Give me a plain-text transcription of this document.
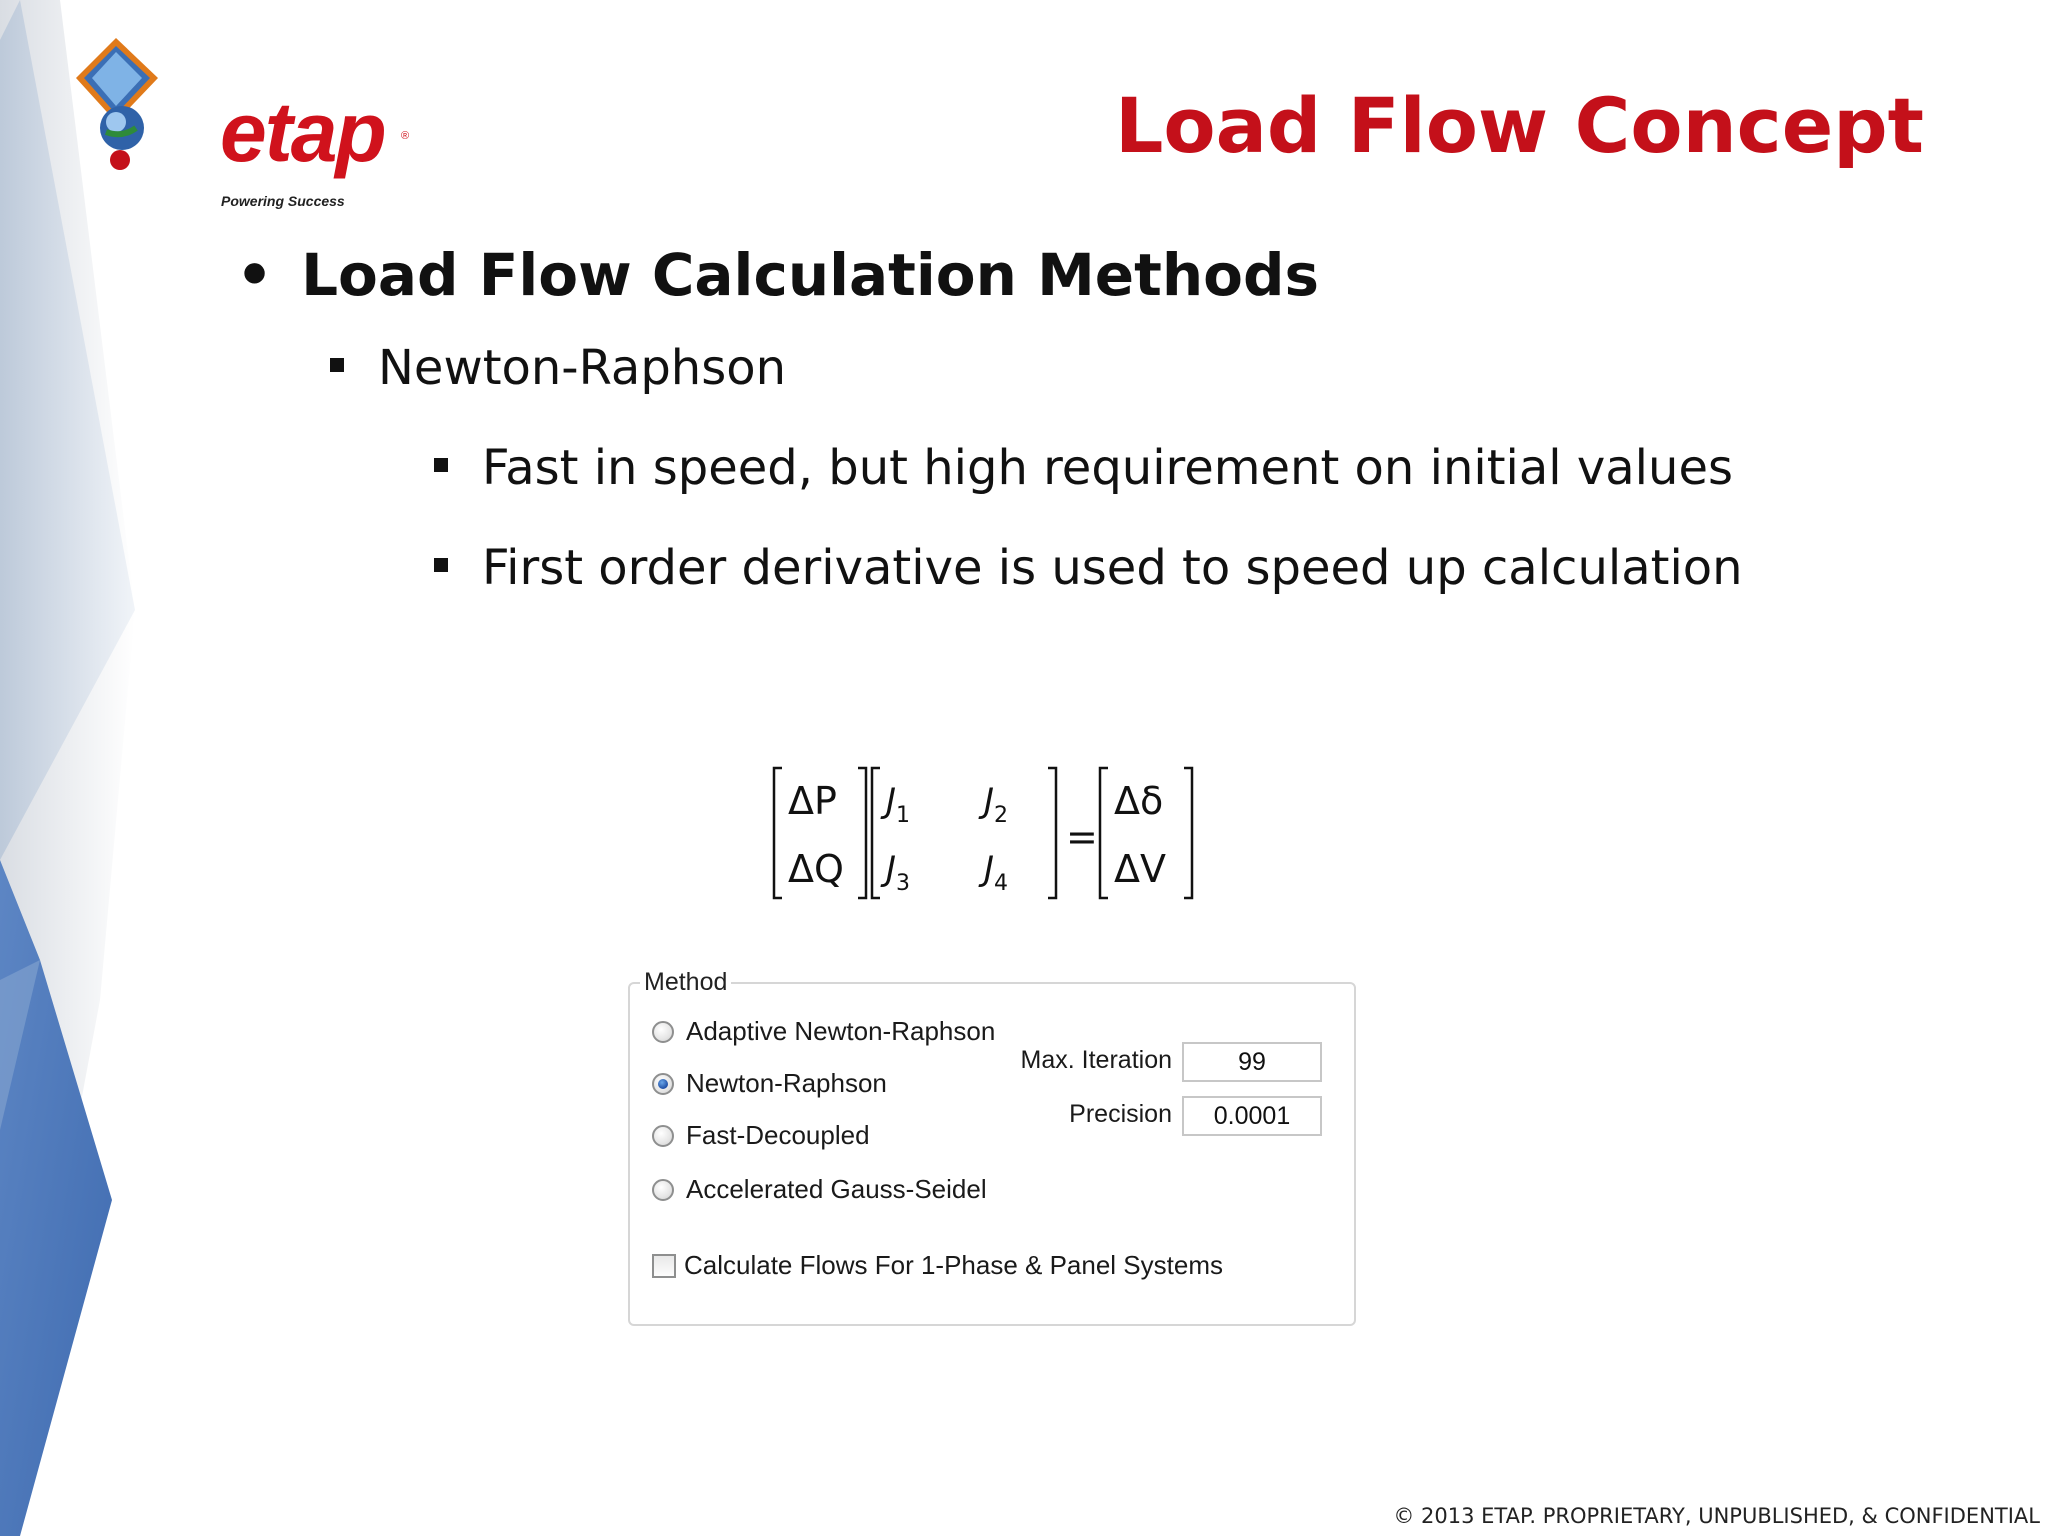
etap ®
Powering Success
Load Flow Concept
• Load Flow Calculation Methods
Newton-Raphson
Fast in speed, but high requirement on initial values
First order derivative is used to speed up calculation
ΔP
ΔQ
=
Δδ
ΔV
$J_1$ $J_2$
$J_3$ $J_4$
Method
Adaptive Newton-Raphson
Newton-Raphson
Fast-Decoupled
Accelerated Gauss-Seidel
Max. Iteration	99
Precision	0.0001
Calculate Flows For 1-Phase & Panel Systems
© 2013 ETAP. PROPRIETARY, UNPUBLISHED, & CONFIDENTIAL
